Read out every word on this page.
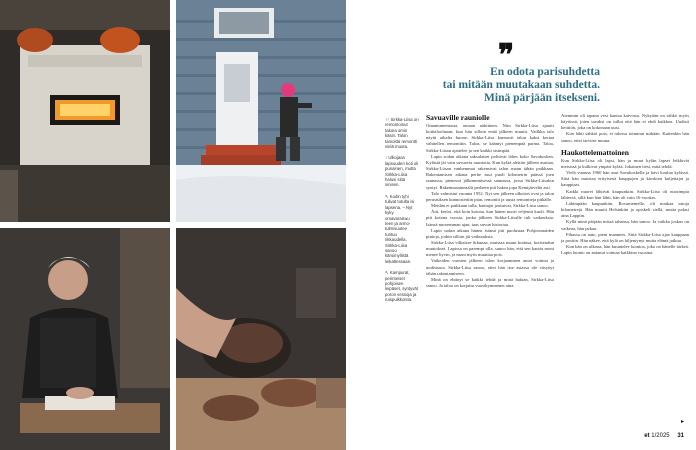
❞
En odota parisuhdetta
tai mitään muutakaan suhdetta.
Minä pärjään itsekseni.
↑↑ Sirkka-Liisa on remontoinut talona omin käsin. Talon tamoitta remontti vielä muuta.
↑ Ulkojaan lapsuuden koti oli punainen, mutta Sirkka-Liisa halusi siitä sinisen.
↖ Kodin tyhi tulivat tutulta isi lapsena. – Nyt kyky omavaraisuu teen ja armo-tulmisuutee tuntuu rikkaudella, Sirkka-Liisa sanoo kärsimyllistä leikattessaan.
↖ Kampurat, perinteiset pohjoisen leipäset, syntyvät poron vessoja ja ruispuikkoista.
Savuaville rauniolle

Omantuntemasta, omaan näkitinen. Niin Sirkka-Liisa ajautti kotitaloolnaan, kun hän silloin enää jälkeen muutti. Vailkka talo näytti aikalta huone, Sirkka-Liisa kunnosti talon kaksi kertaa vähitellen remonttiin. Taloa, se kääntyi pienempää parina. Taloa, Sirkka-Liisan ajattelee ja sen kaikki sisimpää.

Lapin sodan aikana saksalaiset polttivat lähes koko Savukosken. Kylästä jäi vain savuavia raunioita. Kun kylää alettiin jälleen asuttaa, Sirkka-Liisan vanhemmat rakensivat talon maan tähän paikkaan. Rakentamisen aikana perhe asui puoli kilometrin päässä joen rannassa, pienessä jälkimmäisessä saunassa, jossa Sirkka-Liisakin syntyi. Rakennusaineaalit perheen piti hakea jopa Kemijärveltä asti.

Talo valmistui vuonna 1952. Nyt sen jälkeen ulkoiset ovat ja talon perustuksen kunnostettiin pian, remontti ja uusia remontteja pitkälle.

Meidän ei paikkaan tulla, kantajat joutuivat, Sirkka-Liisa sanoo.

Äiti, kertoi, että koin kotona, kun hänen nuori veljensä kuoli. Hän piti kotona vuosia, jonka jälkeen Sirkka-Liisalle tuli vaikeuksia. Isänsä nuoremman ajan, taas suvun historiaa.

Lapin sodan aikana hänen isänsä piti puolustaa Pohjoismaiden pintoja, joihin silloin jäi vaikutuksia.

Sirkka-Liisa vilkaisee ikkunaa, muistaa muun kotinsa, kotiseudun muutokset. Lapissa on parempi olla, sanoo hän, että sen kautta moni menee hyvin, ja moni myös muuttaa pois.

Vaikeiden vuosien jälkeen talon korjaaminen antoi voimia ja uudistusta. Sirkka-Liisa sanoo, ettei hän itse asiassa ole väsynyt tähän rakentamiseen.

Minä on ehtinyt se kaikki tehdä ja minä haluan, Sirkka-Liisa sanoo. Ja taloa on korjattu vuosikymmenet aina.

Aiemmin oli tapana vesi kantaa kaivosta. Nykyään on sähkö myös käytössä, joten tavaksi on tullut että hän ei ehdi kaikkea. Uudisti keittiön, joka on kokonaan uusi.

Kun lähti sähköt pois, ei talossa toiminut mikään. Kuitenkin hän sanoo, ettei tarvitse muuta.

Haukottelemattoinen

Kun Sirkka-Liisa oli lapsi, hän ja muut kylän lapset leikkivät metsissä ja kulkivat ympäri kylää. Jokainen tiesi, mitä tehdä.

Vielä vuonna 1960 hän asui Savukoskella ja kävi koulua kylässä. Siitä hän muistaa erityisesti kauppojen ja kioskien kuljettajat ja kauppiaat.

Kaikki nuoret lähtivät kaupunkiin. Sirkka-Liisa oli nuorimpia lähteviä, sillä kun hän lähti, hän oli vain 16-vuotias.

Lähimpään kaupunkiin, Rovaniemelle, oli matkaa satoja kilometrejä. Hän muutti Helsinkiin ja opiskeli siellä, mutta palasi aina Lappiin.

Kyllä minä pärjään missä tahansa, hän sanoo. Ja vaikka joskus on vaikeaa, hän jatkaa.

Pihassa on auto, pieni maamies. Siitä Sirkka-Liisa ajaa kauppaan ja postiin. Hän näkee, että kylä on hiljentynyt mutta elämä jatkuu.

Kun hän on ulkona, hän kuuntelee luontoa, joka on hänelle tärkeä. Lapin luonto on antanut voimaa kaikkina vuosina.

▸
et 1/2025 31
